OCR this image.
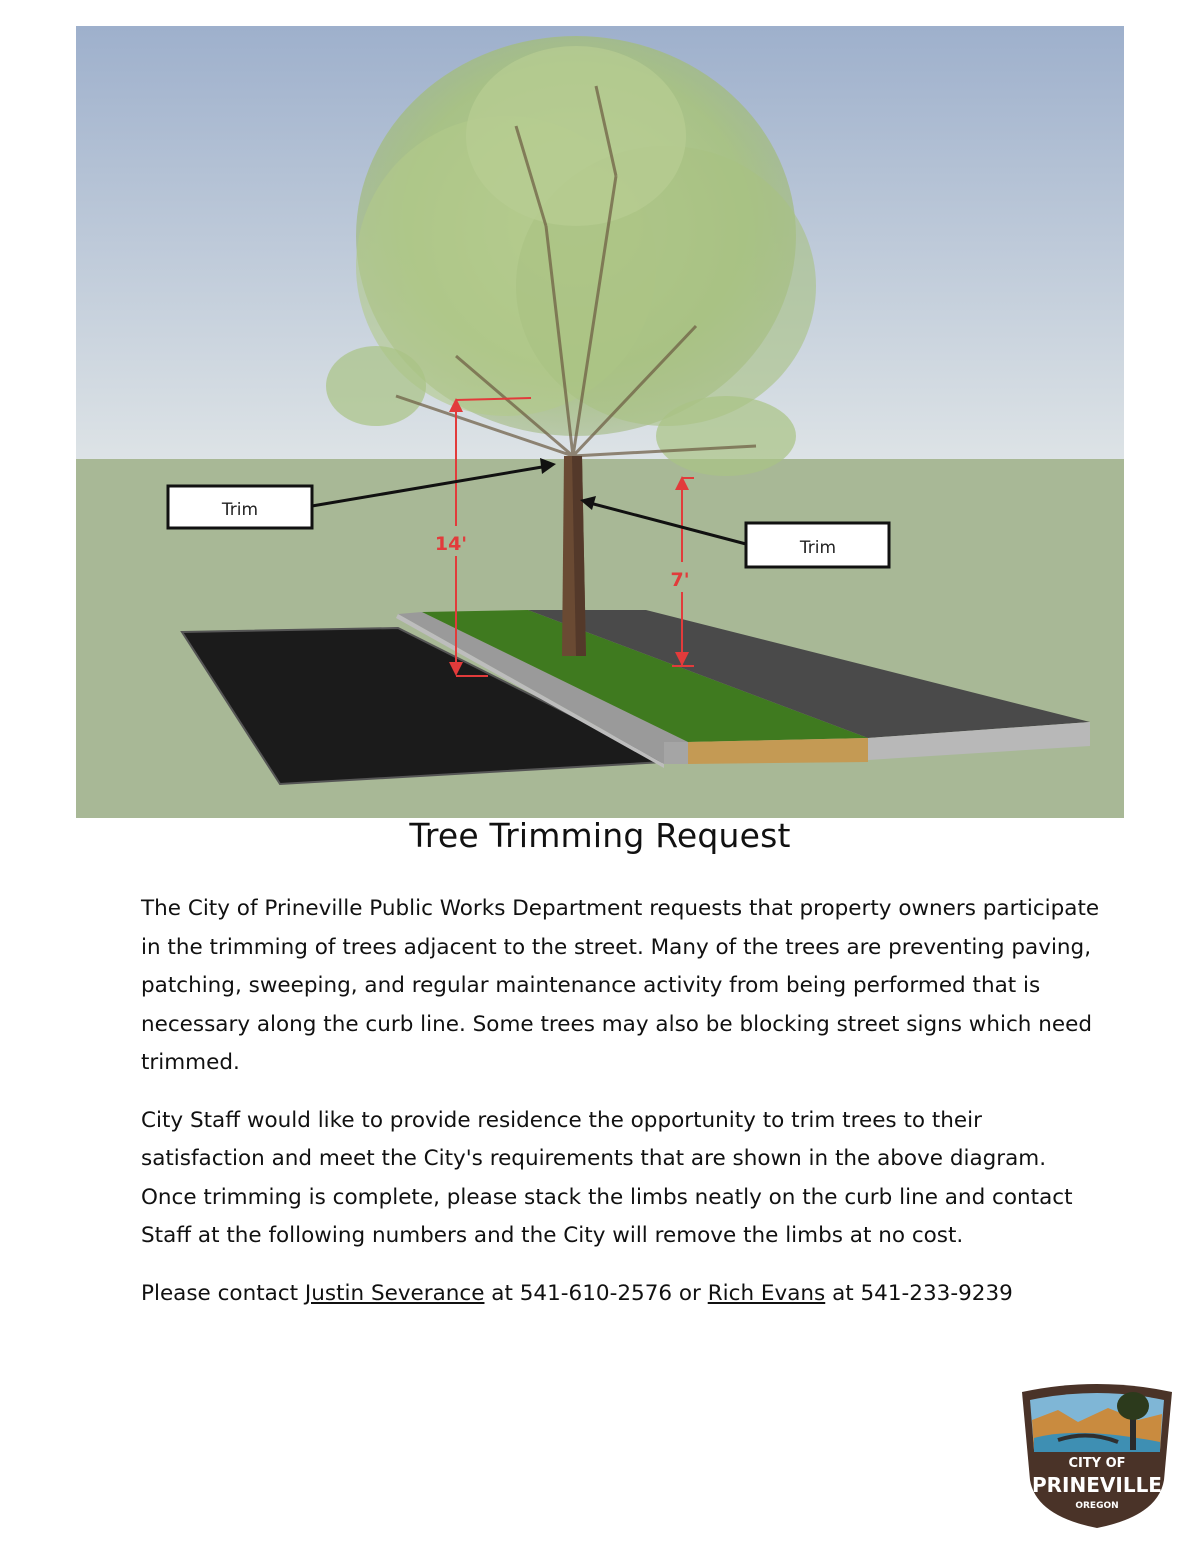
14'
7'
Trim
Trim
Tree Trimming Request

The City of Prineville Public Works Department requests that property owners participate in the trimming of trees adjacent to the street. Many of the trees are preventing paving, patching, sweeping, and regular maintenance activity from being performed that is necessary along the curb line. Some trees may also be blocking street signs which need trimmed.

City Staff would like to provide residence the opportunity to trim trees to their satisfaction and meet the City's requirements that are shown in the above diagram. Once trimming is complete, please stack the limbs neatly on the curb line and contact Staff at the following numbers and the City will remove the limbs at no cost.

Please contact Justin Severance at 541-610-2576 or Rich Evans at 541-233-9239

CITY OF
PRINEVILLE
OREGON
